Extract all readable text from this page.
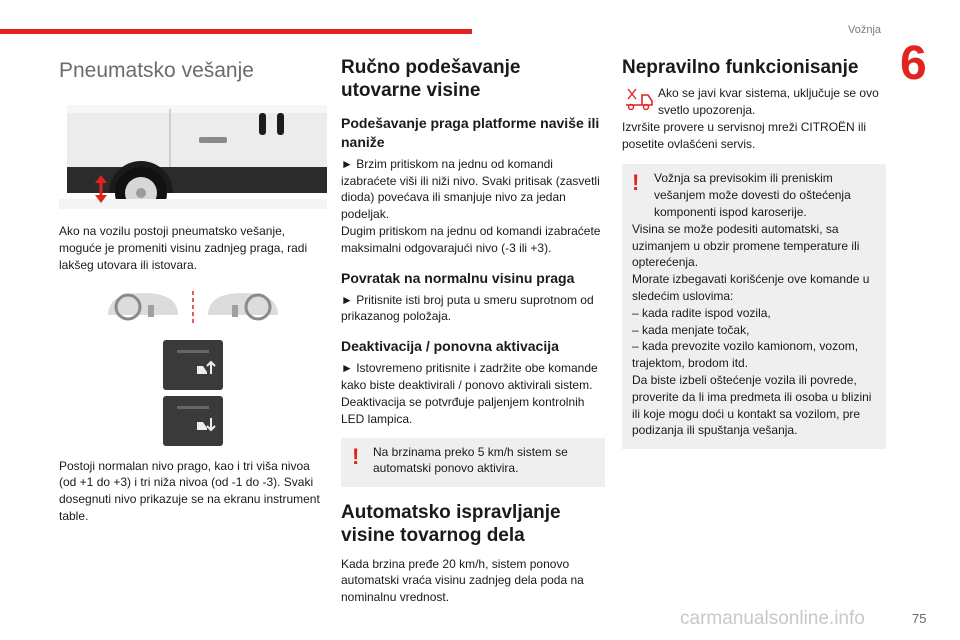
Vožnja
6
Pneumatsko vešanje
Ako na vozilu postoji pneumatsko vešanje, moguće je promeniti visinu zadnjeg praga, radi lakšeg utovara ili istovara.
Postoji normalan nivo prago, kao i tri viša nivoa (od +1 do +3) i tri niža nivoa (od -1 do -3). Svaki dosegnuti nivo prikazuje se na ekranu instrument table.
Ručno podešavanje utovarne visine
Podešavanje praga platforme naviše ili naniže
► Brzim pritiskom na jednu od komandi izabraćete viši ili niži nivo. Svaki pritisak (zasvetli dioda) povećava ili smanjuje nivo za jedan podeljak.
Dugim pritiskom na jednu od komandi izabraćete maksimalni odgovarajući nivo (-3 ili +3).
Povratak na normalnu visinu praga
► Pritisnite isti broj puta u smeru suprotnom od prikazanog položaja.
Deaktivacija / ponovna aktivacija
► Istovremeno pritisnite i zadržite obe komande kako biste deaktivirali / ponovo aktivirali sistem.
Deaktivacija se potvrđuje paljenjem kontrolnih LED lampica.
! Na brzinama preko 5 km/h sistem se automatski ponovo aktivira.
Automatsko ispravljanje visine tovarnog dela
Kada brzina pređe 20 km/h, sistem ponovo automatski vraća visinu zadnjeg dela poda na nominalnu vrednost.
Nepravilno funkcionisanje
Ako se javi kvar sistema, uključuje se ovo svetlo upozorenja.
Izvršite provere u servisnoj mreži CITROËN ili posetite ovlašćeni servis.
!	Vožnja sa previsokim ili preniskim vešanjem može dovesti do oštećenja komponenti ispod karoserije.
Visina se može podesiti automatski, sa uzimanjem u obzir promene temperature ili opterećenja.
Morate izbegavati korišćenje ove komande u sledećim uslovima:
– kada radite ispod vozila,
– kada menjate točak,
– kada prevozite vozilo kamionom, vozom, trajektom, brodom itd.
Da biste izbeli oštećenje vozila ili povrede, proverite da li ima predmeta ili osoba u blizini ili koje mogu doći u kontakt sa vozilom, pre podizanja ili spuštanja vešanja.
carmanualsonline.info	75
